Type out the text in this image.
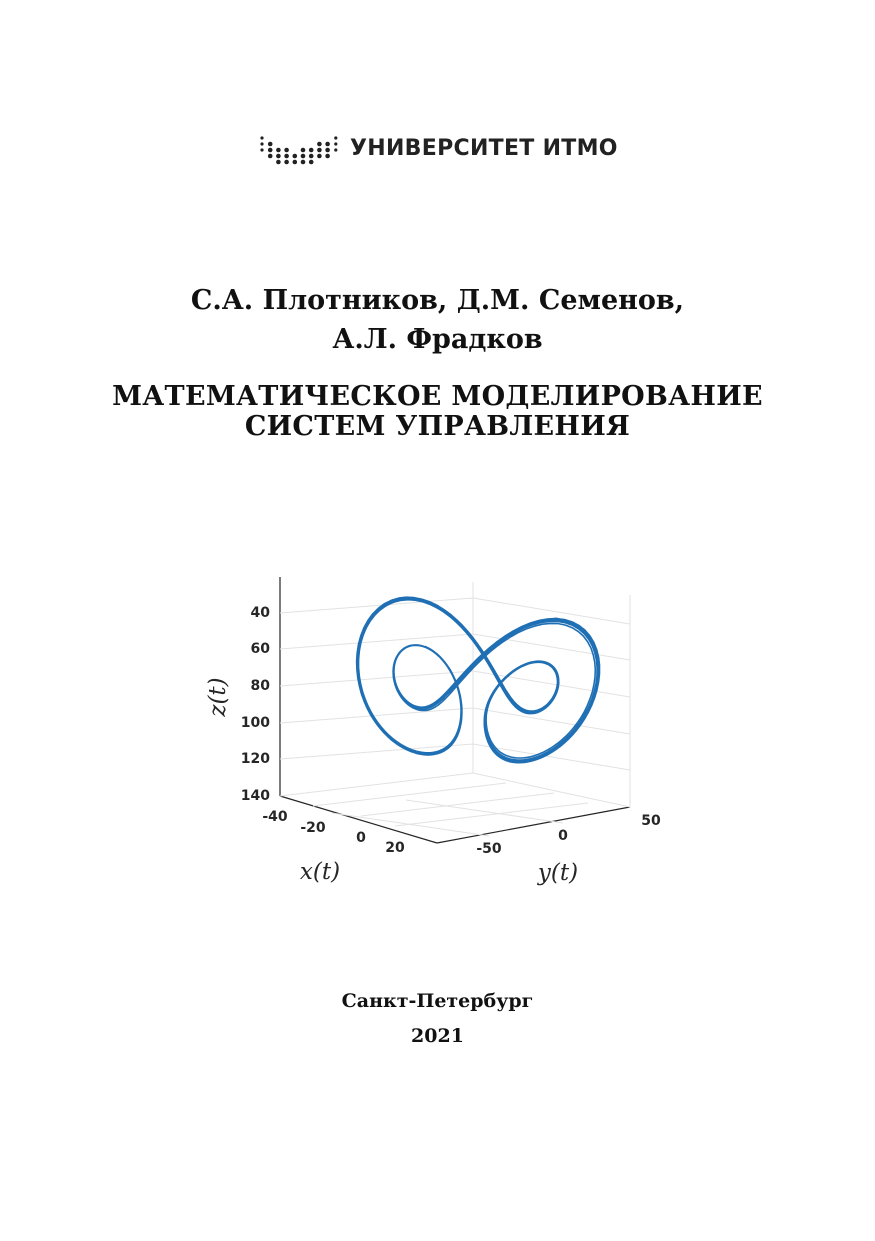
УНИВЕРСИТЕТ ИТМО
С.А. Плотников, Д.М. Семенов,
А.Л. Фрадков
МАТЕМАТИЧЕСКОЕ МОДЕЛИРОВАНИЕ
СИСТЕМ УПРАВЛЕНИЯ
40
60
80
100
120
140
-40
-20
0
20	-50
0
50
z(t)
x(t)	y(t)
Санкт-Петербург
2021
